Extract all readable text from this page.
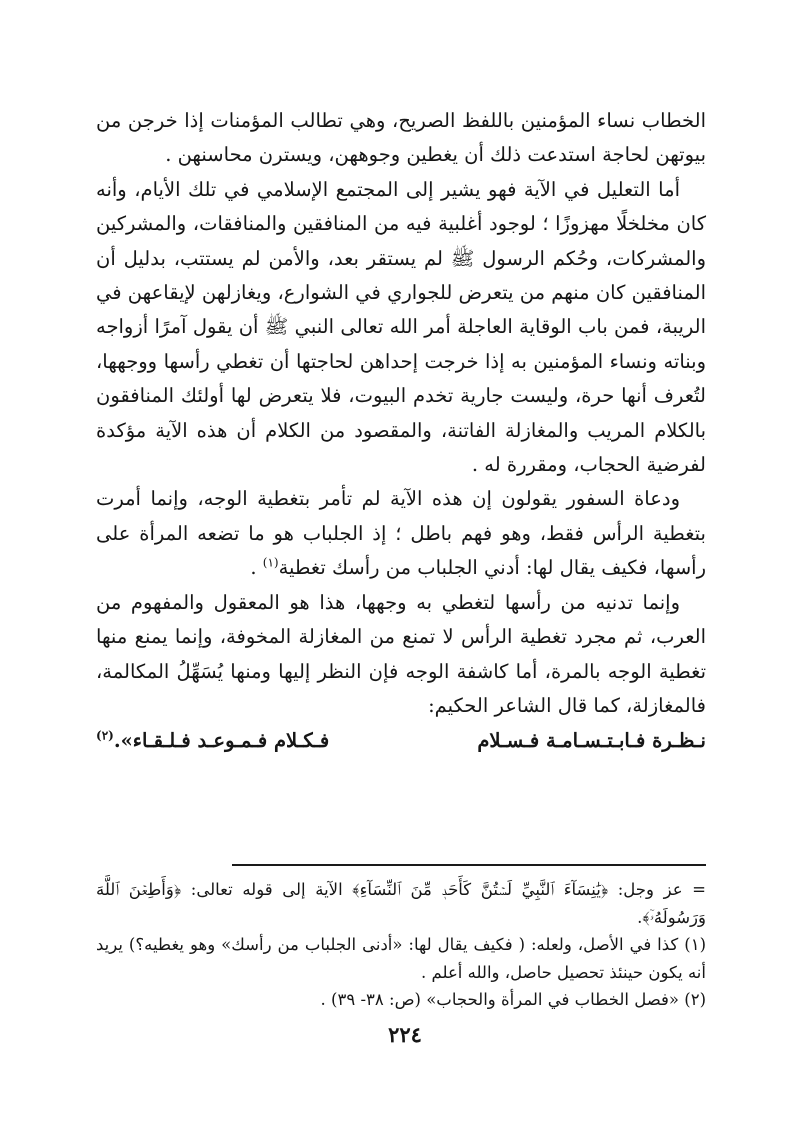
الخطاب نساء المؤمنين باللفظ الصريح، وهي تطالب المؤمنات إذا خرجن من بيوتهن لحاجة استدعت ذلك أن يغطين وجوههن، ويسترن محاسنهن .

أما التعليل في الآية فهو يشير إلى المجتمع الإسلامي في تلك الأيام، وأنه كان مخلخلًا مهزوزًا ؛ لوجود أغلبية فيه من المنافقين والمنافقات، والمشركين والمشركات، وحُكم الرسول ﷺ لم يستقر بعد، والأمن لم يستتب، بدليل أن المنافقين كان منهم من يتعرض للجواري في الشوارع، ويغازلهن لإيقاعهن في الريبة، فمن باب الوقاية العاجلة أمر الله تعالى النبي ﷺ أن يقول آمرًا أزواجه وبناته ونساء المؤمنين به إذا خرجت إحداهن لحاجتها أن تغطي رأسها ووجهها، لتُعرف أنها حرة، وليست جارية تخدم البيوت، فلا يتعرض لها أولئك المنافقون بالكلام المريب والمغازلة الفاتنة، والمقصود من الكلام أن هذه الآية مؤكدة لفرضية الحجاب، ومقررة له .

ودعاة السفور يقولون إن هذه الآية لم تأمر بتغطية الوجه، وإنما أمرت بتغطية الرأس فقط، وهو فهم باطل ؛ إذ الجلباب هو ما تضعه المرأة على رأسها، فكيف يقال لها: أدني الجلباب من رأسك تغطية$^{(١)}$ .

وإنما تدنيه من رأسها لتغطي به وجهها، هذا هو المعقول والمفهوم من العرب، ثم مجرد تغطية الرأس لا تمنع من المغازلة المخوفة، وإنما يمنع منها تغطية الوجه بالمرة، أما كاشفة الوجه فإن النظر إليها ومنها يُسَهِّلُ المكالمة، فالمغازلة، كما قال الشاعر الحكيم:

نـظـرة فـابـتـسـامـة فـسـلام
فـكـلام فـمـوعـد فـلـقـاء».$^{(٢)}$

= عز وجل: ﴿يَٰنِسَآءَ ٱلنَّبِيِّ لَسۡتُنَّ كَأَحَدٖ مِّنَ ٱلنِّسَآءِ﴾ الآية إلى قوله تعالى: ﴿وَأَطِعۡنَ ٱللَّهَ وَرَسُولَهُۥٓ﴾.

(١) كذا في الأصل، ولعله: ( فكيف يقال لها: «أدنى الجلباب من رأسك» وهو يغطيه؟) يريد أنه يكون حينئذ تحصيل حاصل، والله أعلم .

(٢) «فصل الخطاب في المرأة والحجاب» (ص: ٣٨- ٣٩) .

٢٢٤
